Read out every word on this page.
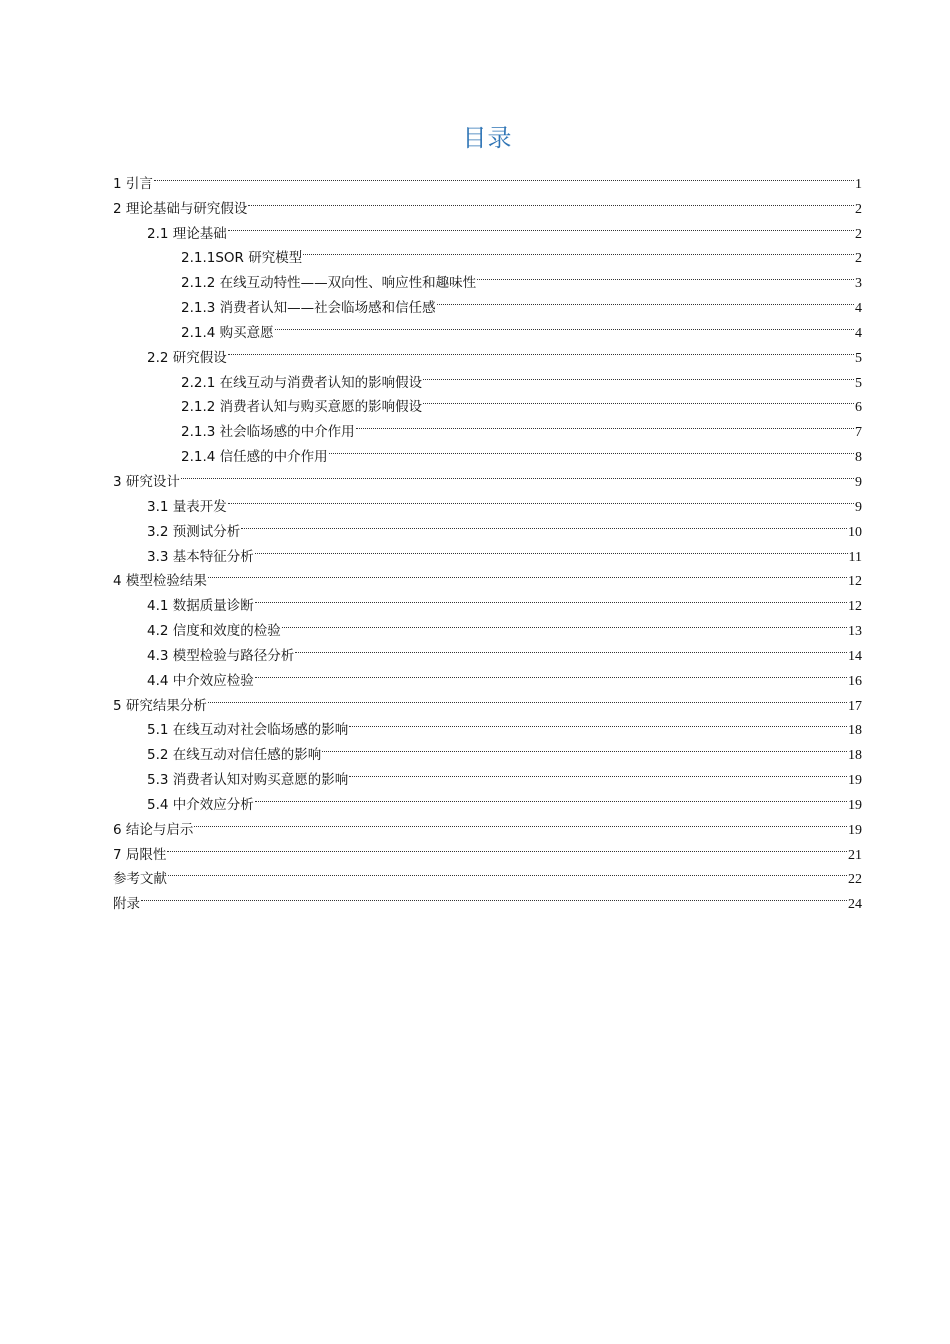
目录
1 引言	1
2 理论基础与研究假设	2
2.1 理论基础	2
2.1.1SOR 研究模型	2
2.1.2 在线互动特性——双向性、响应性和趣味性	3
2.1.3 消费者认知——社会临场感和信任感	4
2.1.4 购买意愿	4
2.2 研究假设	5
2.2.1 在线互动与消费者认知的影响假设	5
2.1.2 消费者认知与购买意愿的影响假设	6
2.1.3 社会临场感的中介作用	7
2.1.4 信任感的中介作用	8
3 研究设计	9
3.1 量表开发	9
3.2 预测试分析	10
3.3 基本特征分析	11
4 模型检验结果	12
4.1 数据质量诊断	12
4.2 信度和效度的检验	13
4.3 模型检验与路径分析	14
4.4 中介效应检验	16
5 研究结果分析	17
5.1 在线互动对社会临场感的影响	18
5.2 在线互动对信任感的影响	18
5.3 消费者认知对购买意愿的影响	19
5.4 中介效应分析	19
6 结论与启示	19
7 局限性	21
参考文献	22
附录	24
